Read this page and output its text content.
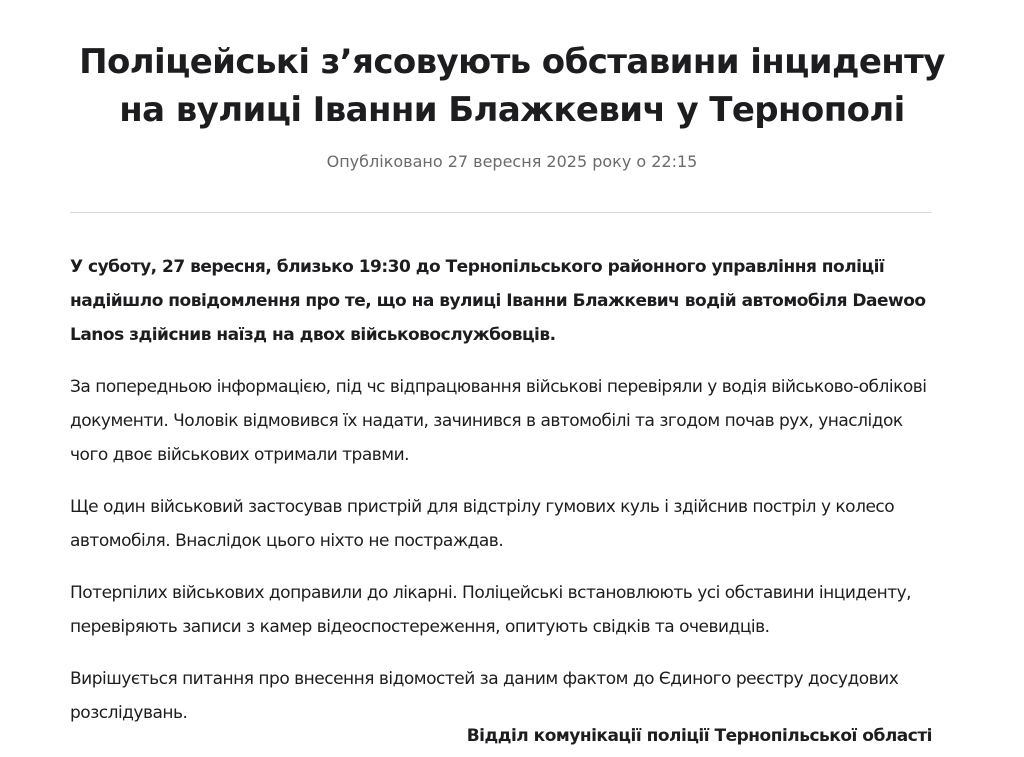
Поліцейські з’ясовують обставини інциденту
на вулиці Іванни Блажкевич у Тернополі
Опубліковано 27 вересня 2025 року о 22:15

У суботу, 27 вересня, близько 19:30 до Тернопільського районного управління поліції надійшло повідомлення про те, що на вулиці Іванни Блажкевич водій автомобіля Daewoo Lanos здійснив наїзд на двох військовослужбовців.

За попередньою інформацією, під чс відпрацювання військові перевіряли у водія військово-облікові документи. Чоловік відмовився їх надати, зачинився в автомобілі та згодом почав рух, унаслідок чого двоє військових отримали травми.

Ще один військовий застосував пристрій для відстрілу гумових куль і здійснив постріл у колесо автомобіля. Внаслідок цього ніхто не постраждав.

Потерпілих військових доправили до лікарні. Поліцейські встановлюють усі обставини інциденту, перевіряють записи з камер відеоспостереження, опитують свідків та очевидців.

Вирішується питання про внесення відомостей за даним фактом до Єдиного реєстру досудових розслідувань.

Відділ комунікації поліції Тернопільської області
